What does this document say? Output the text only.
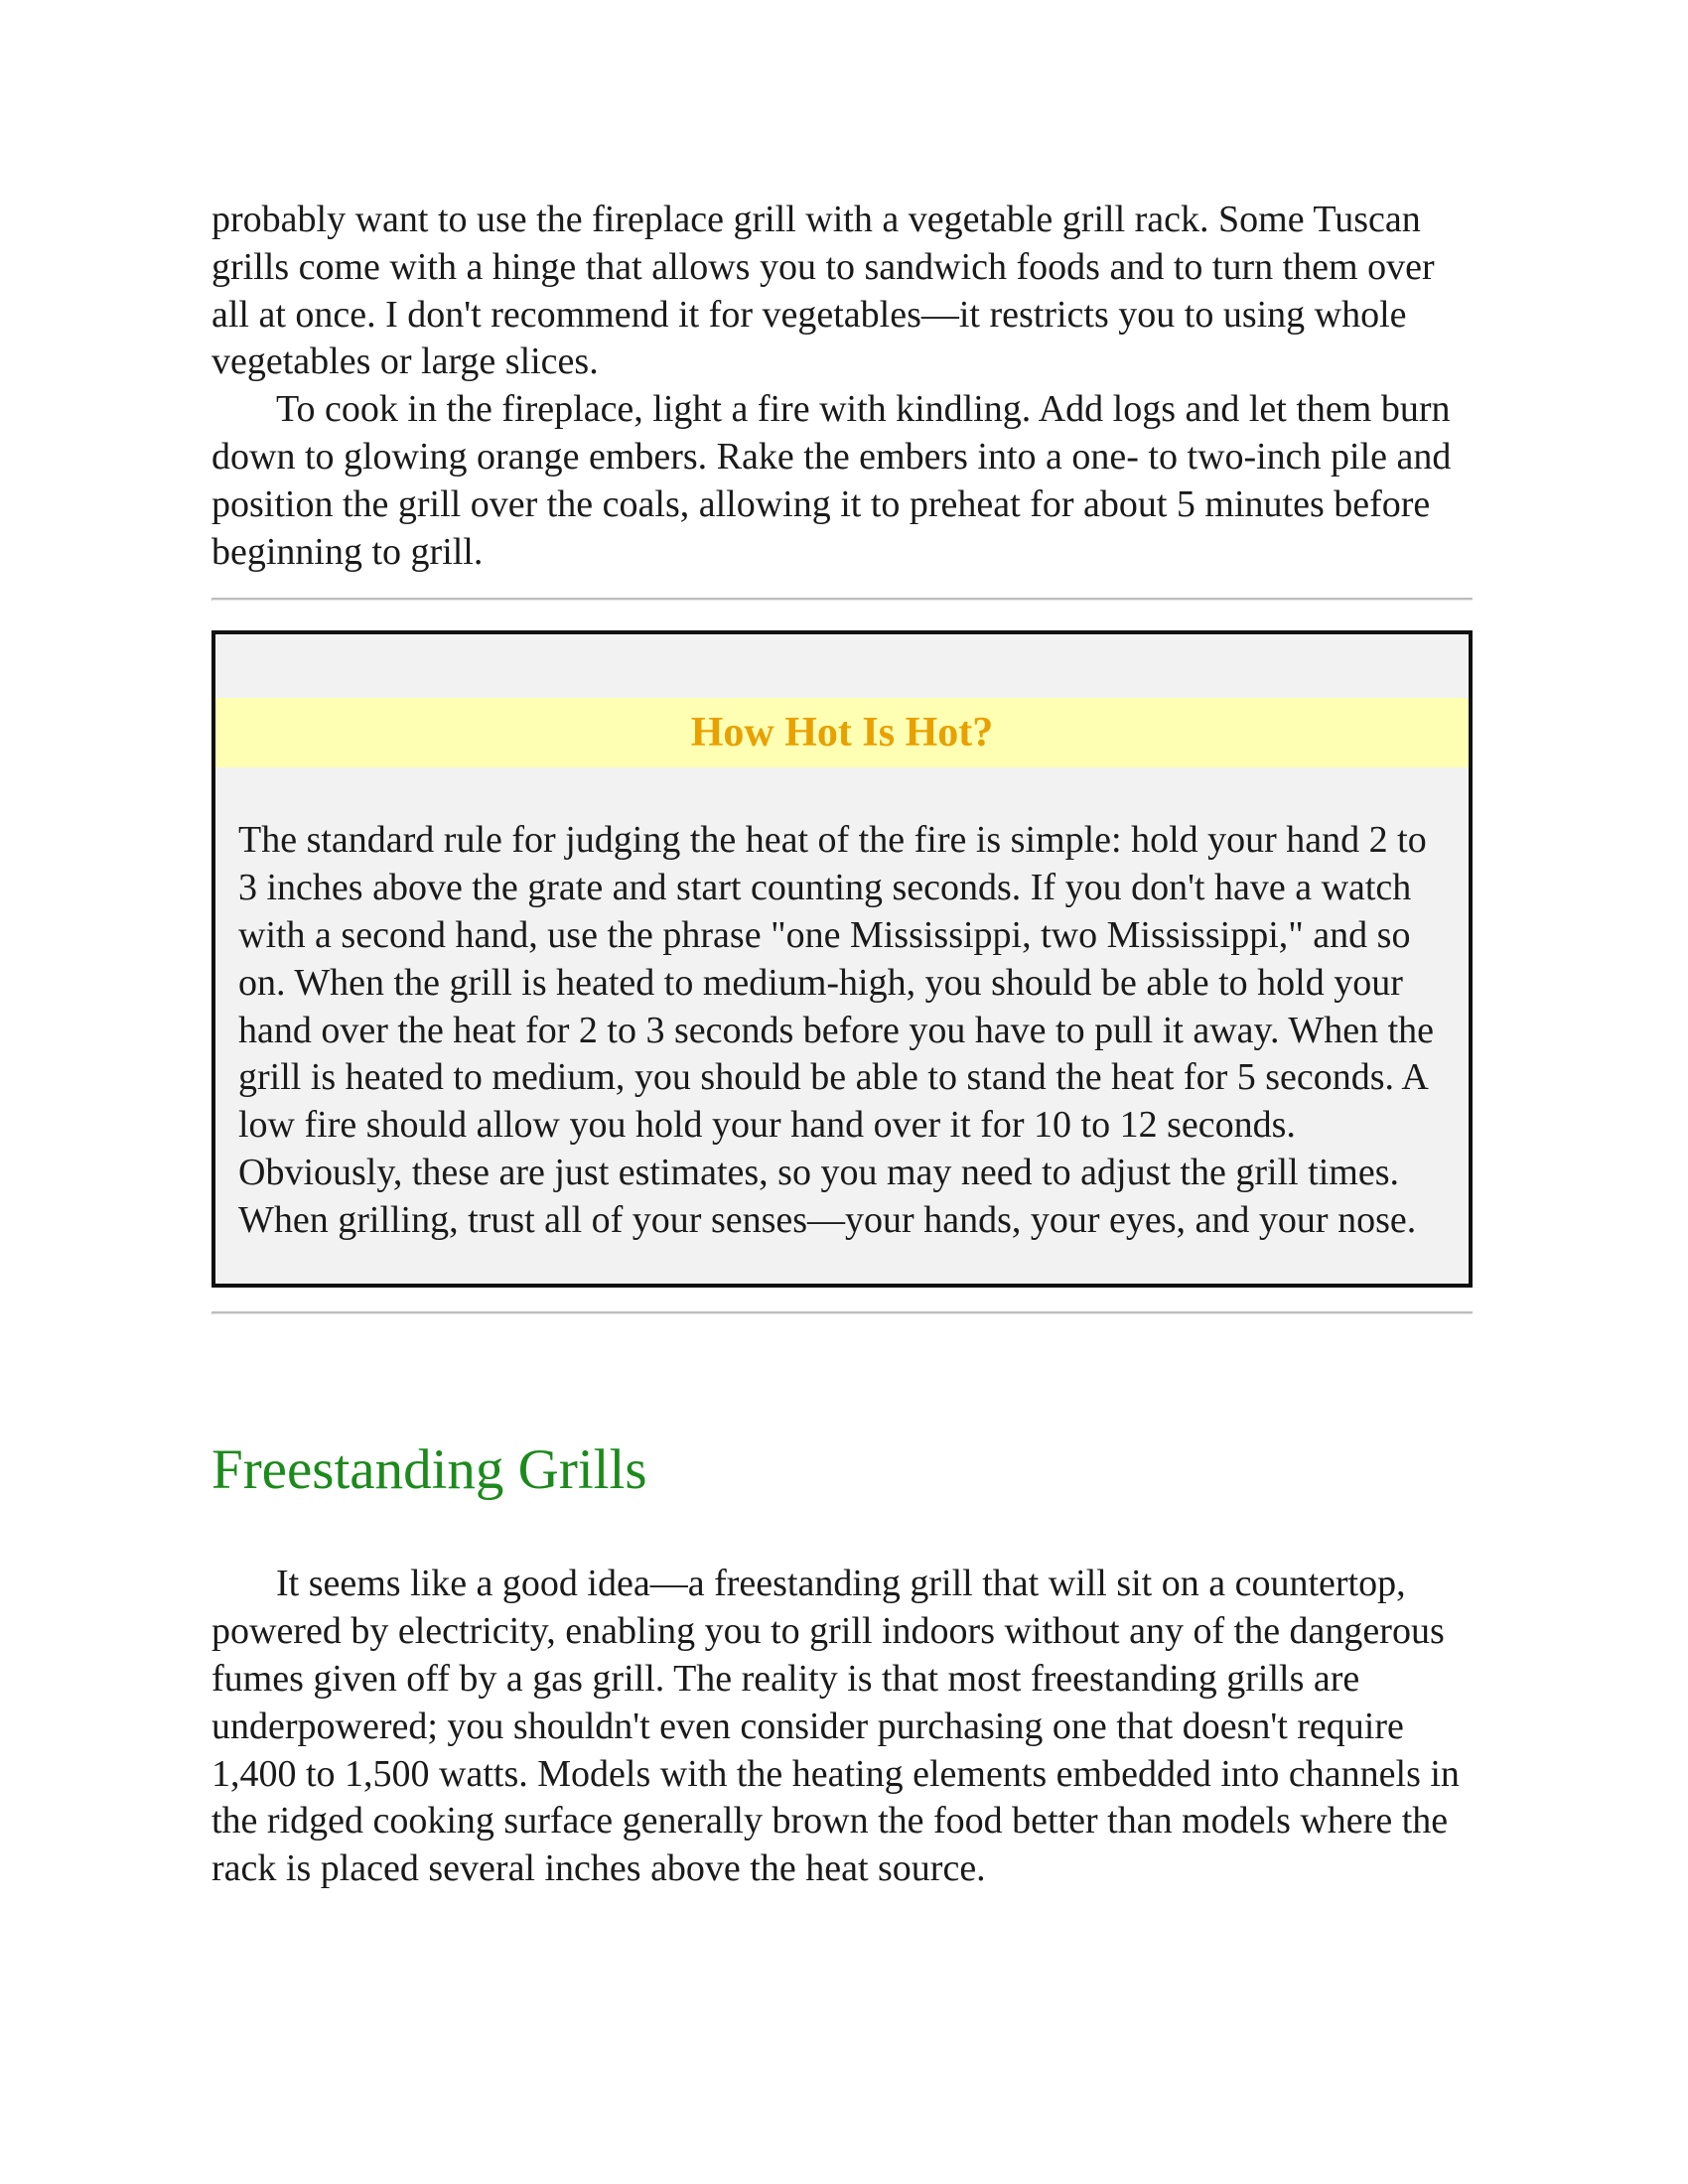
probably want to use the fireplace grill with a vegetable grill rack. Some Tuscan grills come with a hinge that allows you to sandwich foods and to turn them over all at once. I don't recommend it for vegetables—it restricts you to using whole vegetables or large slices.

To cook in the fireplace, light a fire with kindling. Add logs and let them burn down to glowing orange embers. Rake the embers into a one- to two-inch pile and position the grill over the coals, allowing it to preheat for about 5 minutes before beginning to grill.

How Hot Is Hot?

The standard rule for judging the heat of the fire is simple: hold your hand 2 to 3 inches above the grate and start counting seconds. If you don't have a watch with a second hand, use the phrase "one Mississippi, two Mississippi," and so on. When the grill is heated to medium-high, you should be able to hold your hand over the heat for 2 to 3 seconds before you have to pull it away. When the grill is heated to medium, you should be able to stand the heat for 5 seconds. A low fire should allow you hold your hand over it for 10 to 12 seconds. Obviously, these are just estimates, so you may need to adjust the grill times. When grilling, trust all of your senses—your hands, your eyes, and your nose.

Freestanding Grills

It seems like a good idea—a freestanding grill that will sit on a countertop, powered by electricity, enabling you to grill indoors without any of the dangerous fumes given off by a gas grill. The reality is that most freestanding grills are underpowered; you shouldn't even consider purchasing one that doesn't require 1,400 to 1,500 watts. Models with the heating elements embedded into channels in the ridged cooking surface generally brown the food better than models where the rack is placed several inches above the heat source.
